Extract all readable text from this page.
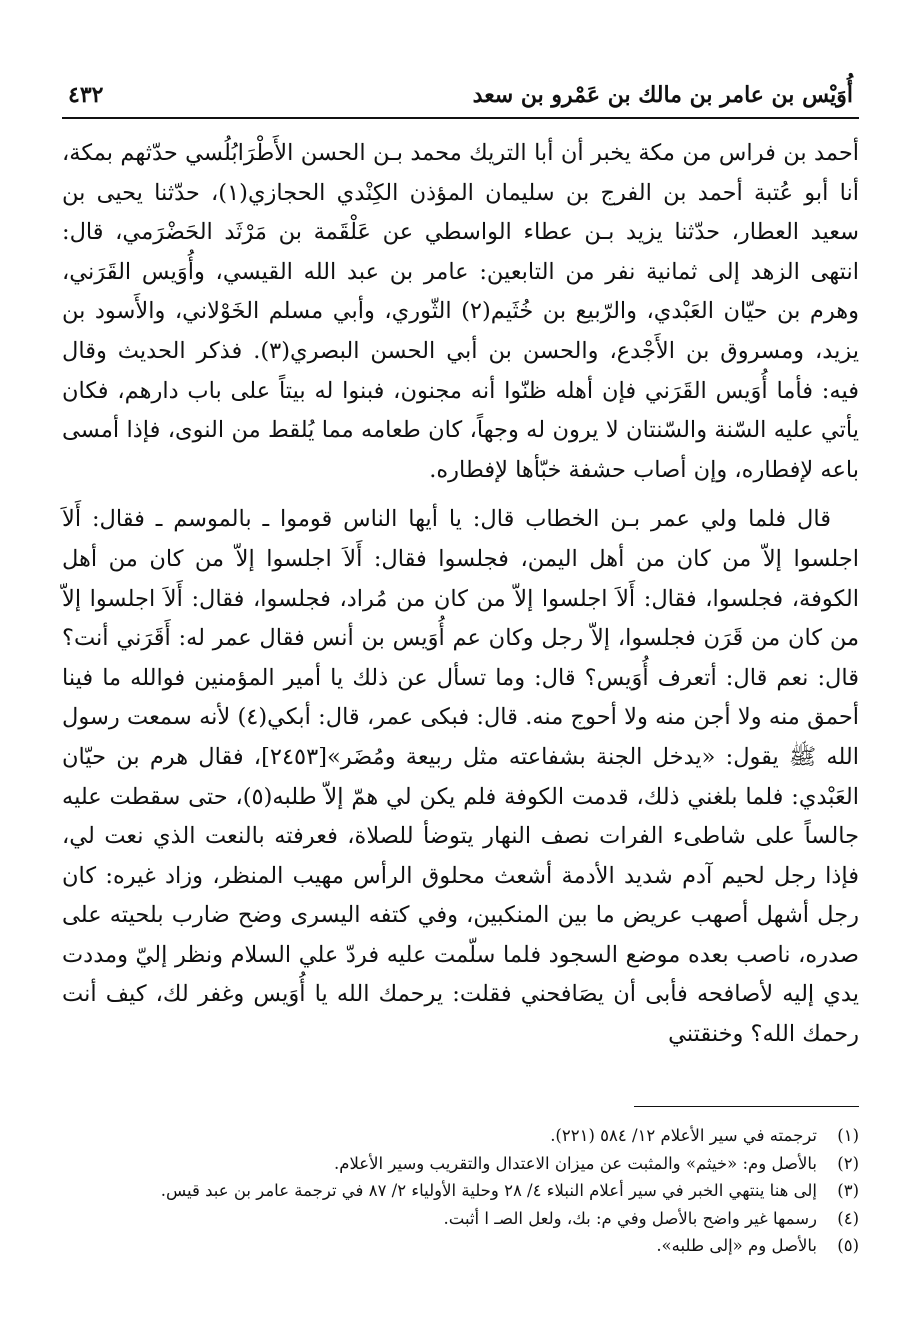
أُوَيْس بن عامر بن مالك بن عَمْرو بن سعد
٤٣٢

أحمد بن فراس من مكة يخبر أن أبا التريك محمد بـن الحسن الأَطْرَابُلُسي حدّثهم بمكة، أنا أبو عُتبة أحمد بن الفرج بن سليمان المؤذن الكِنْدي الحجازي(١)، حدّثنا يحيى بن سعيد العطار، حدّثنا يزيد بـن عطاء الواسطي عن عَلْقَمة بن مَرْثَد الحَضْرَمي، قال: انتهى الزهد إلى ثمانية نفر من التابعين: عامر بن عبد الله القيسي، وأُوَيس القَرَني، وهرم بن حيّان العَبْدي، والرّبيع بن خُثَيم(٢) الثّوري، وأبي مسلم الخَوْلاني، والأَسود بن يزيد، ومسروق بن الأَجْدع، والحسن بن أبي الحسن البصري(٣). فذكر الحديث وقال فيه: فأما أُوَيس القَرَني فإن أهله ظنّوا أنه مجنون، فبنوا له بيتاً على باب دارهم، فكان يأتي عليه السّنة والسّنتان لا يرون له وجهاً، كان طعامه مما يُلقط من النوى، فإذا أمسى باعه لإفطاره، وإن أصاب حشفة خبّأها لإفطاره.

قال فلما ولي عمر بـن الخطاب قال: يا أيها الناس قوموا ـ بالموسم ـ فقال: أَلاَ اجلسوا إلاّ من كان من أهل اليمن، فجلسوا فقال: أَلاَ اجلسوا إلاّ من كان من أهل الكوفة، فجلسوا، فقال: أَلاَ اجلسوا إلاّ من كان من مُراد، فجلسوا، فقال: أَلاَ اجلسوا إلاّ من كان من قَرَن فجلسوا، إلاّ رجل وكان عم أُوَيس بن أنس فقال عمر له: أَقَرَني أنت؟ قال: نعم قال: أتعرف أُوَيس؟ قال: وما تسأل عن ذلك يا أمير المؤمنين فوالله ما فينا أحمق منه ولا أجن منه ولا أحوج منه. قال: فبكى عمر، قال: أبكي(٤) لأنه سمعت رسول الله ﷺ يقول: «يدخل الجنة بشفاعته مثل ربيعة ومُضَر»[٢٤٥٣]، فقال هرم بن حيّان العَبْدي: فلما بلغني ذلك، قدمت الكوفة فلم يكن لي همّ إلاّ طلبه(٥)، حتى سقطت عليه جالساً على شاطىء الفرات نصف النهار يتوضأ للصلاة، فعرفته بالنعت الذي نعت لي، فإذا رجل لحيم آدم شديد الأدمة أشعث محلوق الرأس مهيب المنظر، وزاد غيره: كان رجل أشهل أصهب عريض ما بين المنكبين، وفي كتفه اليسرى وضح ضارب بلحيته على صدره، ناصب بعده موضع السجود فلما سلّمت عليه فردّ علي السلام ونظر إليّ ومددت يدي إليه لأصافحه فأبى أن يصَافحني فقلت: يرحمك الله يا أُوَيس وغفر لك، كيف أنت رحمك الله؟ وخنقتني

(١)
ترجمته في سير الأعلام ١٢/ ٥٨٤ (٢٢١).
(٢)
بالأصل وم: «خيثم» والمثبت عن ميزان الاعتدال والتقريب وسير الأعلام.
(٣)
إلى هنا ينتهي الخبر في سير أعلام النبلاء ٤/ ٢٨ وحلية الأولياء ٢/ ٨٧ في ترجمة عامر بن عبد قيس.
(٤)
رسمها غير واضح بالأصل وفي م: بك، ولعل الصـ ا أثبت.
(٥)
بالأصل وم «إلى طلبه».
